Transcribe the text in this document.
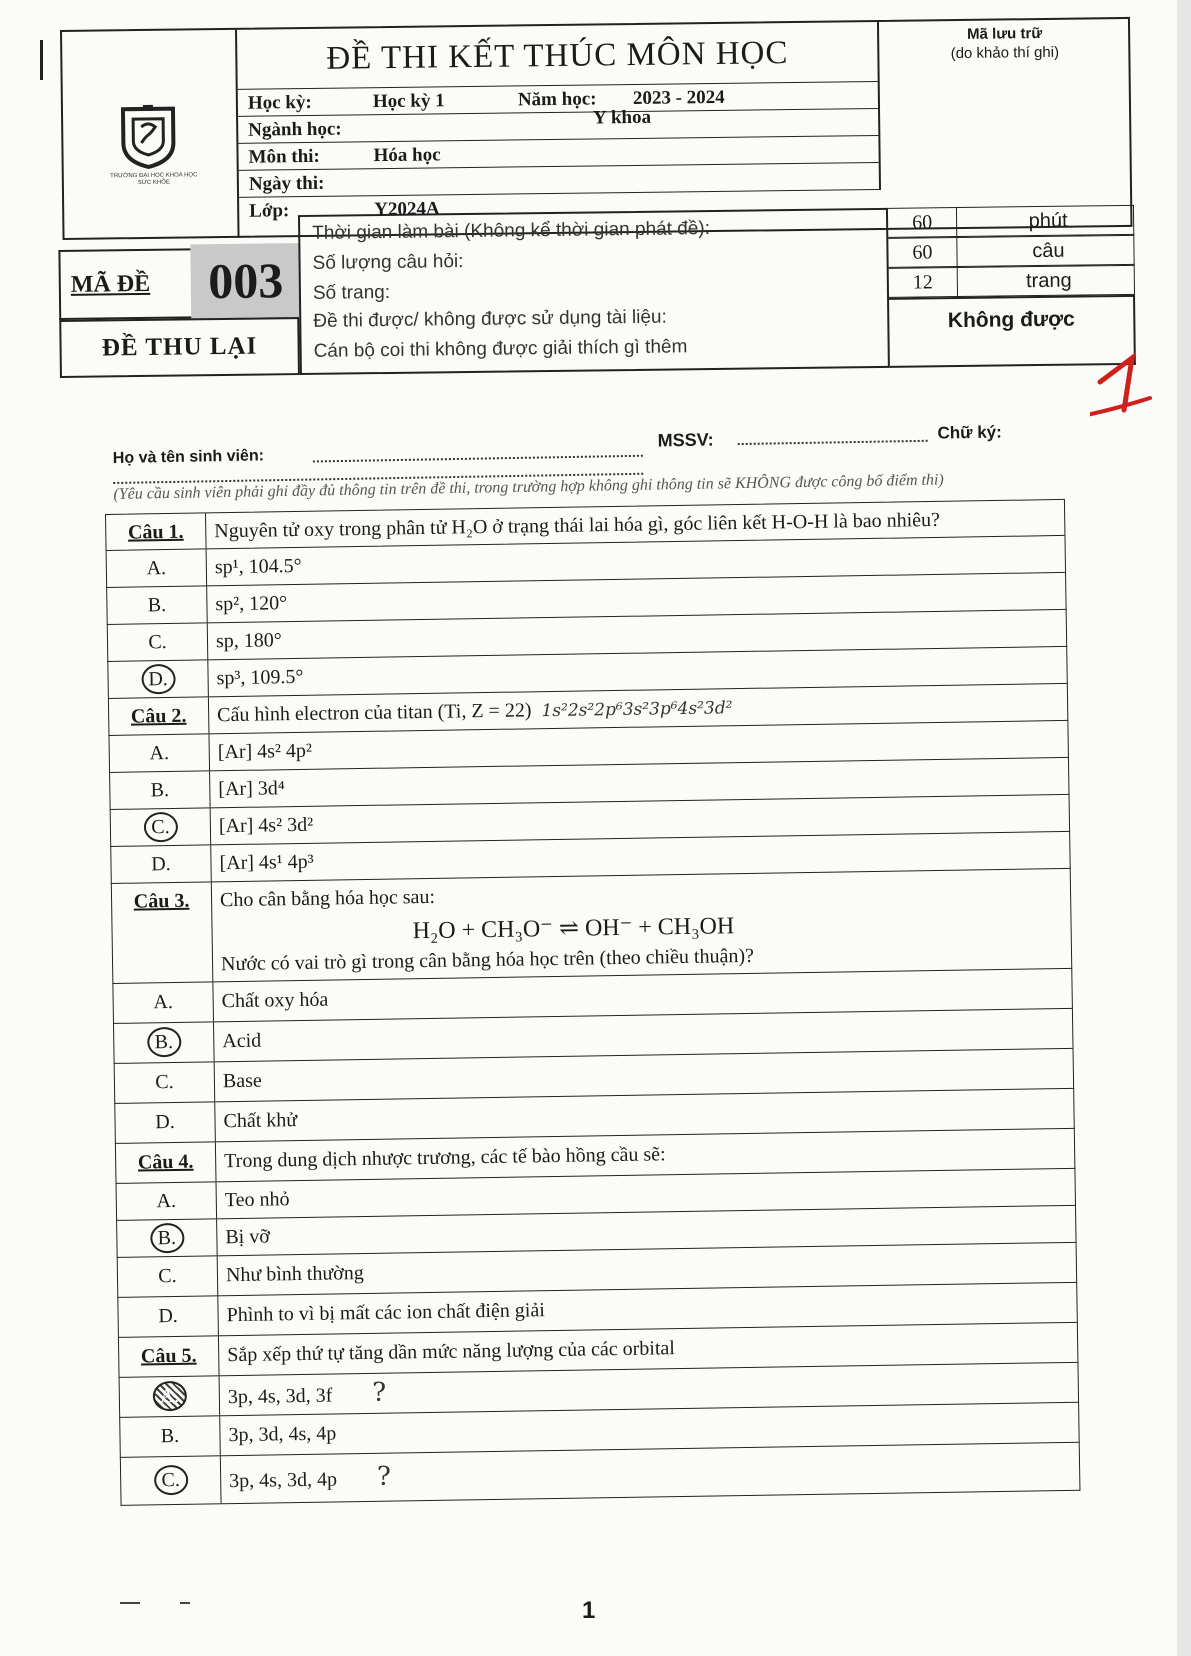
TRƯỜNG ĐẠI HỌC KHOA HỌC SỨC KHỎE
ĐỀ THI KẾT THÚC MÔN HỌC
Mã lưu trữ
(do khảo thí ghi)
Học kỳ:	Học kỳ 1	Năm học: 2023 - 2024
Ngành học:
Y khoa
Môn thi:	Hóa học
Ngày thi:
Lớp:	Y2024A
MÃ ĐỀ	003
ĐỀ THU LẠI
Thời gian làm bài (Không kể thời gian phát đề):
Số lượng câu hỏi:
Số trang:
Đề thi được/ không được sử dụng tài liệu:
Cán bộ coi thi không được giải thích gì thêm
60	phút
60	câu
12	trang
Không được
1
Họ và tên sinh viên:
MSSV:	Chữ ký:
(Yêu cầu sinh viên phải ghi đầy đủ thông tin trên đề thi, trong trường hợp không ghi thông tin sẽ KHÔNG được công bố điểm thi)
Câu 1.	Nguyên tử oxy trong phân tử H₂O ở trạng thái lai hóa gì, góc liên kết H-O-H là bao nhiêu?
A.	sp¹, 104.5°
B.	sp², 120°
C.	sp, 180°
D.	sp³, 109.5°
Câu 2.	Cấu hình electron của titan (Ti, Z = 22) 1s²2s²2p⁶3s²3p⁶4s²3d²
A.	[Ar] 4s² 4p²
B.	[Ar] 3d⁴
C.	[Ar] 4s² 3d²
D.	[Ar] 4s¹ 4p³
Câu 3.	Cho cân bằng hóa học sau:
H₂O + CH₃O⁻ ⇌ OH⁻ + CH₃OH
Nước có vai trò gì trong cân bằng hóa học trên (theo chiều thuận)?
A.	Chất oxy hóa
B.	Acid
C.	Base
D.	Chất khử
Câu 4.	Trong dung dịch nhược trương, các tế bào hồng cầu sẽ:
A.	Teo nhỏ
B.	Bị vỡ
C.	Như bình thường
D.	Phình to vì bị mất các ion chất điện giải
Câu 5.	Sắp xếp thứ tự tăng dần mức năng lượng của các orbital
A.	3p, 4s, 3d, 3f ?
B.	3p, 3d, 4s, 4p
C.	3p, 4s, 3d, 4p ?
1
